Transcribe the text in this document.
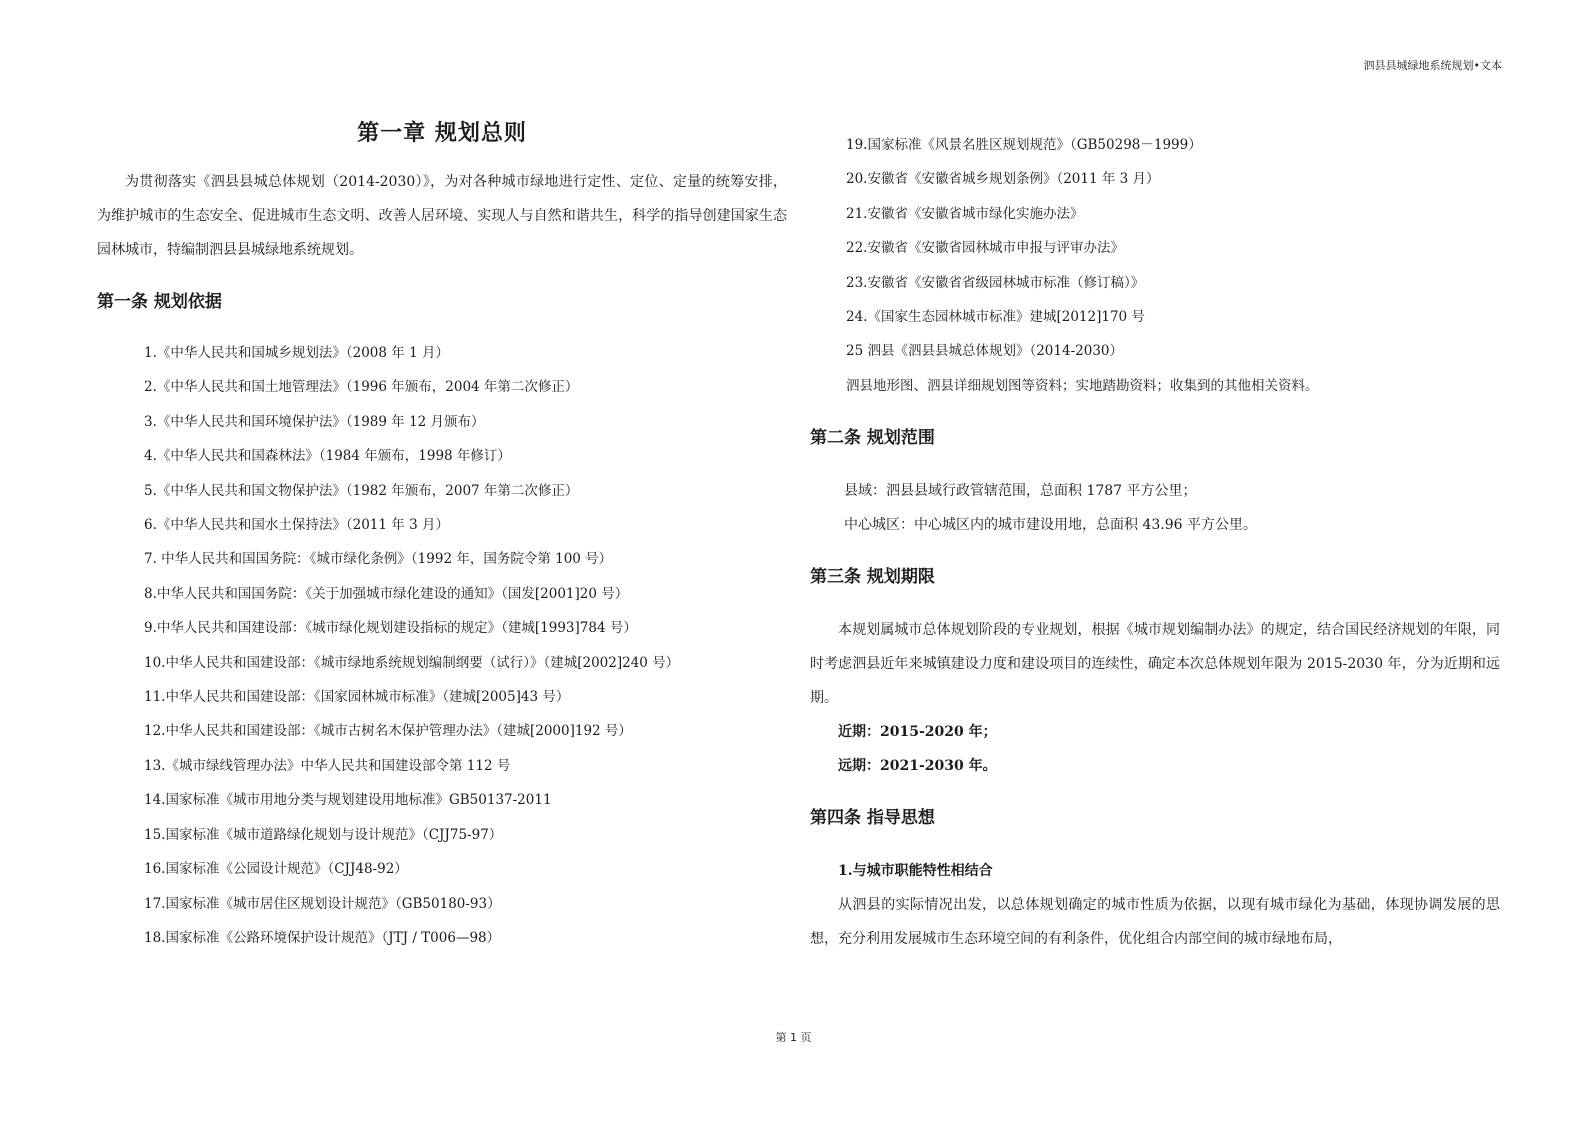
泗县县城绿地系统规划•文本
第一章 规划总则

为贯彻落实《泗县县城总体规划（2014-2030）》，为对各种城市绿地进行定性、定位、定量的统筹安排，为维护城市的生态安全、促进城市生态文明、改善人居环境、实现人与自然和谐共生，科学的指导创建国家生态园林城市，特编制泗县县城绿地系统规划。

第一条 规划依据
1.《中华人民共和国城乡规划法》（2008 年 1 月）
2.《中华人民共和国土地管理法》（1996 年颁布，2004 年第二次修正）
3.《中华人民共和国环境保护法》（1989 年 12 月颁布）
4.《中华人民共和国森林法》（1984 年颁布，1998 年修订）
5.《中华人民共和国文物保护法》（1982 年颁布，2007 年第二次修正）
6.《中华人民共和国水土保持法》（2011 年 3 月）
7. 中华人民共和国国务院：《城市绿化条例》（1992 年，国务院令第 100 号）
8.中华人民共和国国务院：《关于加强城市绿化建设的通知》（国发[2001]20 号）
9.中华人民共和国建设部：《城市绿化规划建设指标的规定》（建城[1993]784 号）
10.中华人民共和国建设部：《城市绿地系统规划编制纲要（试行）》（建城[2002]240 号）
11.中华人民共和国建设部：《国家园林城市标准》（建城[2005]43 号）
12.中华人民共和国建设部：《城市古树名木保护管理办法》（建城[2000]192 号）
13.《城市绿线管理办法》中华人民共和国建设部令第 112 号
14.国家标准《城市用地分类与规划建设用地标准》GB50137-2011
15.国家标准《城市道路绿化规划与设计规范》（CJJ75-97）
16.国家标准《公园设计规范》（CJJ48-92）
17.国家标准《城市居住区规划设计规范》（GB50180-93）
18.国家标准《公路环境保护设计规范》（JTJ / T006—98）
19.国家标准《风景名胜区规划规范》（GB50298－1999）
20.安徽省《安徽省城乡规划条例》（2011 年 3 月）
21.安徽省《安徽省城市绿化实施办法》
22.安徽省《安徽省园林城市申报与评审办法》
23.安徽省《安徽省省级园林城市标准（修订稿）》
24.《国家生态园林城市标准》建城[2012]170 号
25 泗县《泗县县城总体规划》（2014-2030）
泗县地形图、泗县详细规划图等资料；实地踏勘资料；收集到的其他相关资料。
第二条 规划范围

县域：泗县县域行政管辖范围，总面积 1787 平方公里；

中心城区：中心城区内的城市建设用地，总面积 43.96 平方公里。

第三条 规划期限

本规划属城市总体规划阶段的专业规划，根据《城市规划编制办法》的规定，结合国民经济规划的年限，同时考虑泗县近年来城镇建设力度和建设项目的连续性，确定本次总体规划年限为 2015-2030 年，分为近期和远期。

近期：2015-2020 年；

远期：2021-2030 年。

第四条 指导思想

1.与城市职能特性相结合

从泗县的实际情况出发，以总体规划确定的城市性质为依据，以现有城市绿化为基础，体现协调发展的思想，充分利用发展城市生态环境空间的有利条件，优化组合内部空间的城市绿地布局，

第 1 页
